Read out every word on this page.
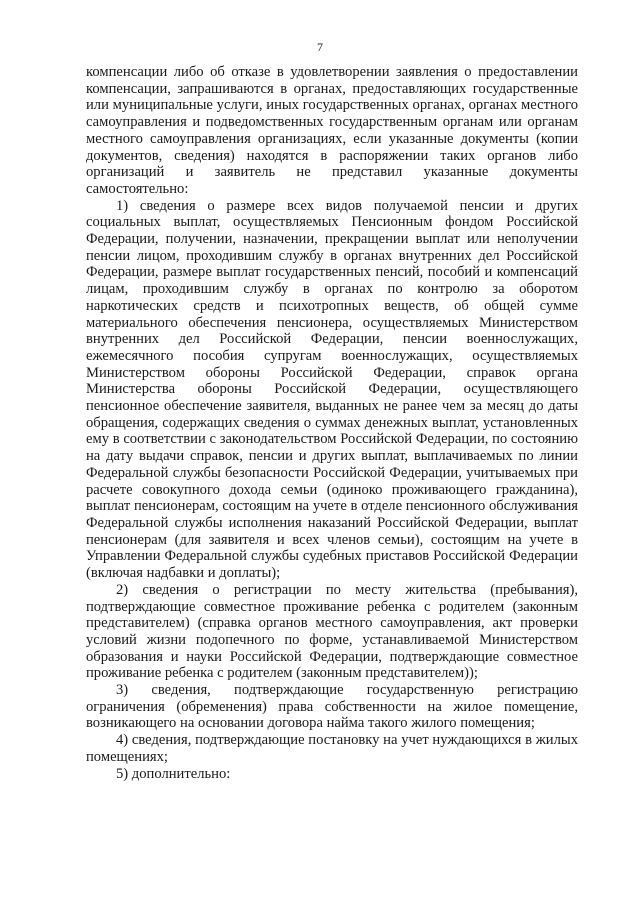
7

компенсации либо об отказе в удовлетворении заявления о предоставлении компенсации, запрашиваются в органах, предоставляющих государственные или муниципальные услуги, иных государственных органах, органах местного самоуправления и подведомственных государственным органам или органам местного самоуправления организациях, если указанные документы (копии документов, сведения) находятся в распоряжении таких органов либо организаций и заявитель не представил указанные документы самостоятельно:

1) сведения о размере всех видов получаемой пенсии и других социальных выплат, осуществляемых Пенсионным фондом Российской Федерации, получении, назначении, прекращении выплат или неполучении пенсии лицом, проходившим службу в органах внутренних дел Российской Федерации, размере выплат государственных пенсий, пособий и компенсаций лицам, проходившим службу в органах по контролю за оборотом наркотических средств и психотропных веществ, об общей сумме материального обеспечения пенсионера, осуществляемых Министерством внутренних дел Российской Федерации, пенсии военнослужащих, ежемесячного пособия супругам военнослужащих, осуществляемых Министерством обороны Российской Федерации, справок органа Министерства обороны Российской Федерации, осуществляющего пенсионное обеспечение заявителя, выданных не ранее чем за месяц до даты обращения, содержащих сведения о суммах денежных выплат, установленных ему в соответствии с законодательством Российской Федерации, по состоянию на дату выдачи справок, пенсии и других выплат, выплачиваемых по линии Федеральной службы безопасности Российской Федерации, учитываемых при расчете совокупного дохода семьи (одиноко проживающего гражданина), выплат пенсионерам, состоящим на учете в отделе пенсионного обслуживания Федеральной службы исполнения наказаний Российской Федерации, выплат пенсионерам (для заявителя и всех членов семьи), состоящим на учете в Управлении Федеральной службы судебных приставов Российской Федерации (включая надбавки и доплаты);

2) сведения о регистрации по месту жительства (пребывания), подтверждающие совместное проживание ребенка с родителем (законным представителем) (справка органов местного самоуправления, акт проверки условий жизни подопечного по форме, устанавливаемой Министерством образования и науки Российской Федерации, подтверждающие совместное проживание ребенка с родителем (законным представителем));

3) сведения, подтверждающие государственную регистрацию ограничения (обременения) права собственности на жилое помещение, возникающего на основании договора найма такого жилого помещения;

4) сведения, подтверждающие постановку на учет нуждающихся в жилых помещениях;

5) дополнительно:
